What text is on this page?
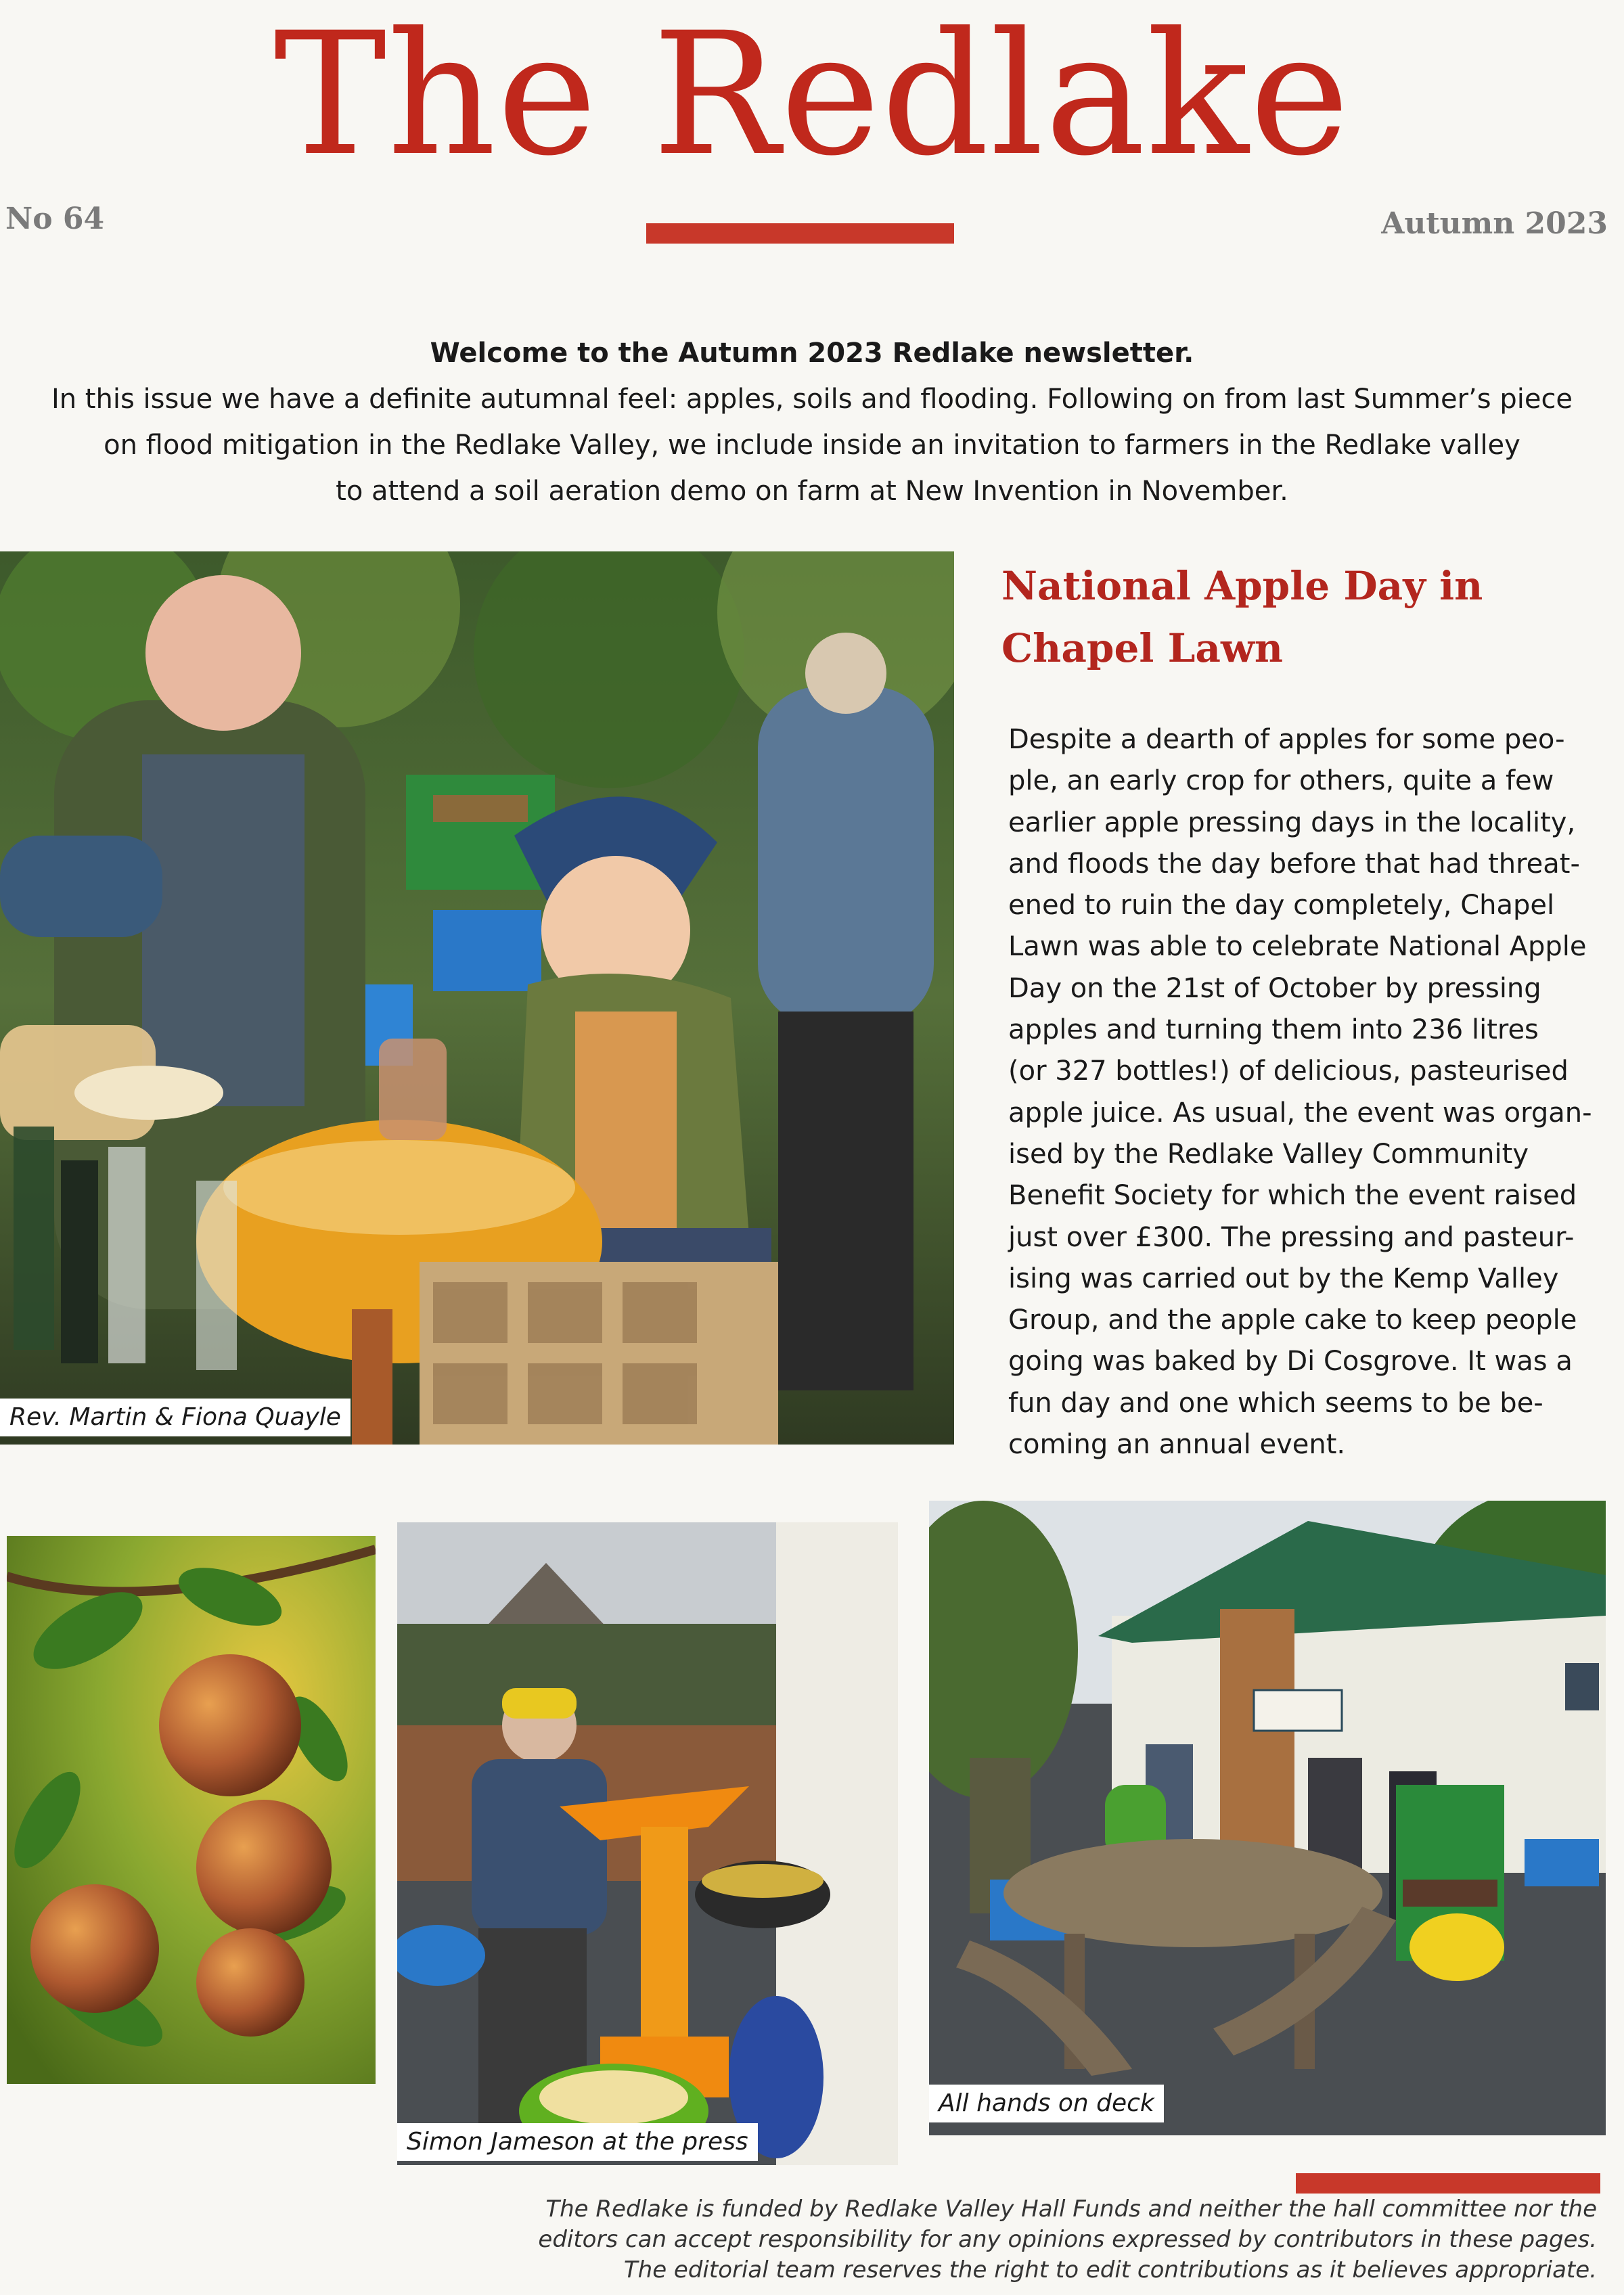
The Redlake
No 64	Autumn 2023
Welcome to the Autumn 2023 Redlake newsletter.
In this issue we have a definite autumnal feel: apples, soils and flooding. Following on from last Summer’s piece
on flood mitigation in the Redlake Valley, we include inside an invitation to farmers in the Redlake valley
to attend a soil aeration demo on farm at New Invention in November.
Rev. Martin & Fiona Quayle
National Apple Day in
Chapel Lawn
Despite a dearth of apples for some peo-
ple, an early crop for others, quite a few
earlier apple pressing days in the locality,
and floods the day before that had threat-
ened to ruin the day completely, Chapel
Lawn was able to celebrate National Apple
Day on the 21st of October by pressing
apples and turning them into 236 litres
(or 327 bottles!) of delicious, pasteurised
apple juice. As usual, the event was organ-
ised by the Redlake Valley Community
Benefit Society for which the event raised
just over £300. The pressing and pasteur-
ising was carried out by the Kemp Valley
Group, and the apple cake to keep people
going was baked by Di Cosgrove. It was a
fun day and one which seems to be be-
coming an annual event.
Simon Jameson at the press
All hands on deck
The Redlake is funded by Redlake Valley Hall Funds and neither the hall committee nor the
editors can accept responsibility for any opinions expressed by contributors in these pages.
The editorial team reserves the right to edit contributions as it believes appropriate.
